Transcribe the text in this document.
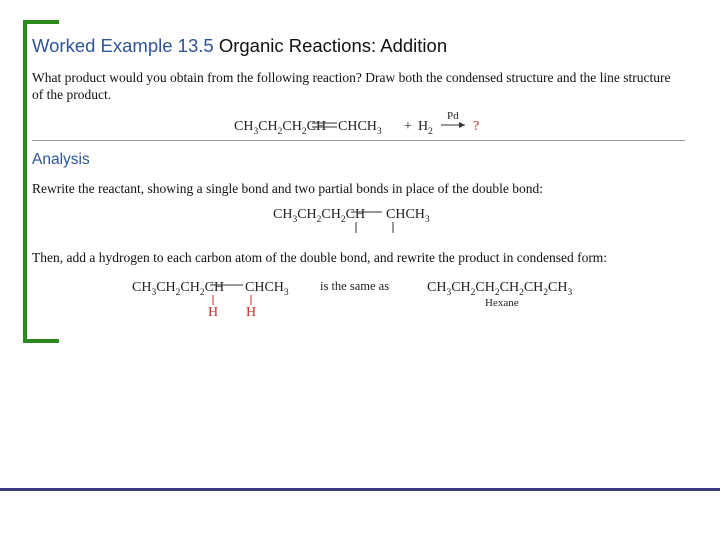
Worked Example 13.5 Organic Reactions: Addition
What product would you obtain from the following reaction? Draw both the condensed structure and the line structure of the product.
Analysis
Rewrite the reactant, showing a single bond and two partial bonds in place of the double bond:
Then, add a hydrogen to each carbon atom of the double bond, and rewrite the product in condensed form:
$CH_3CH_2CH_2CH$ $CHCH_3 + H_2$
Pd
?
$CH_3CH_2CH_2CH$ $CHCH_3$
$CH_3CH_2CH_2CH$ $CHCH_3$
H H
is the same as	$CH_3CH_2CH_2CH_2CH_2CH_3$
Hexane
